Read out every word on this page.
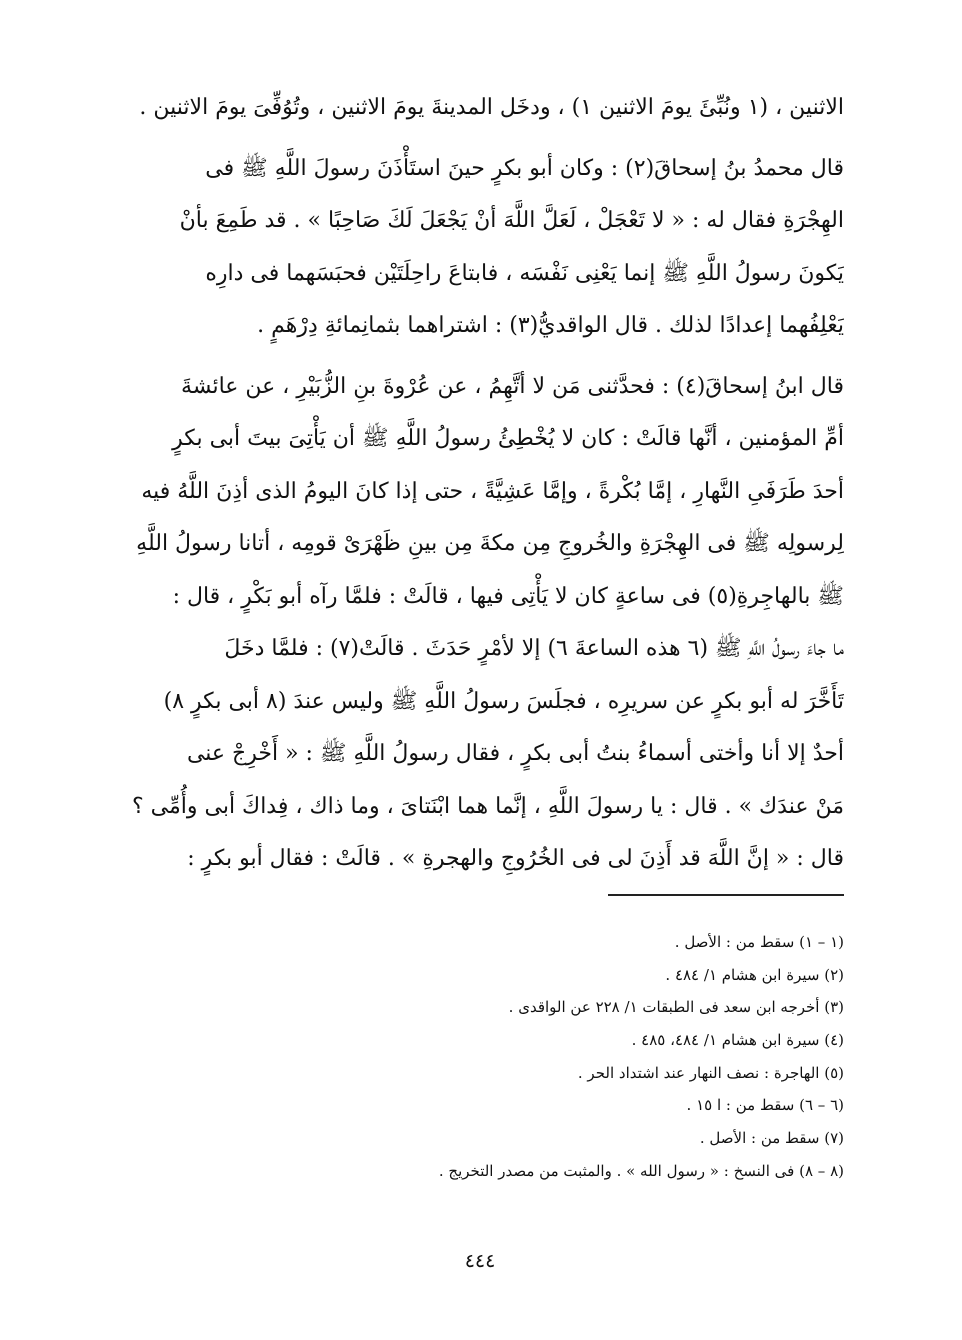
الاثنين ، (١ ونُبِّئَ يومَ الاثنين ١) ، ودخَل المدينةَ يومَ الاثنين ، وتُوُفِّىَ يومَ الاثنين .
قال محمدُ بنُ إسحاقَ(٢) : وكان أبو بكرٍ حينَ استَأْذَنَ رسولَ اللَّهِ ﷺ فى
الهِجْرَةِ فقال له : « لا تَعْجَلْ ، لَعَلَّ اللَّهَ أنْ يَجْعَلَ لَكَ صَاحِبًا » . قد طَمِعَ بأنْ
يَكونَ رسولُ اللَّهِ ﷺ إنما يَعْنِى نَفْسَه ، فابتاعَ راحِلَتَيْن فحبَسَهما فى دارِه
يَعْلِفُهما إعدادًا لذلك . قال الواقديُّ(٣) : اشتراهما بثمانِمائةِ دِرْهَمٍ .
قال ابنُ إسحاقَ(٤) : فحدَّثنى مَن لا أتَّهِمُ ، عن عُرْوةَ بنِ الزُّبَيْرِ ، عن عائشةَ
أمِّ المؤمنين ، أنَّها قالَتْ : كان لا يُخْطِئُ رسولُ اللَّهِ ﷺ أن يَأْتِىَ بيتَ أبى بكرٍ
أحدَ طَرَفَىِ النَّهارِ ، إمَّا بُكْرةً ، وإمَّا عَشِيَّةً ، حتى إذا كانَ اليومُ الذى أذِنَ اللَّهُ فيه
لِرسولِه ﷺ فى الهِجْرَةِ والخُروجِ مِن مكةَ مِن بينِ ظَهْرَىْ قومِه ، أتانا رسولُ اللَّهِ
ﷺ بالهاجِرةِ(٥) فى ساعةٍ كان لا يَأْتِى فيها ، قالَتْ : فلمَّا رآه أبو بَكْرٍ ، قال :
ما جاءَ رسولُ اللَّهِ ﷺ (٦ هذه الساعةَ ٦) إلا لأمْرٍ حَدَثَ . قالَتْ(٧) : فلمَّا دخَلَ
تَأَخَّرَ له أبو بكرٍ عن سريرِه ، فجلَسَ رسولُ اللَّهِ ﷺ وليس عندَ (٨ أبى بكرٍ ٨)
أحدٌ إلا أنا وأختى أسماءُ بنتُ أبى بكرٍ ، فقال رسولُ اللَّهِ ﷺ : « أَخْرِجْ عنى
مَنْ عندَك » . قال : يا رسولَ اللَّهِ ، إنَّما هما ابْنَتاىَ ، وما ذاك ، فِداكَ أبى وأُمِّى ؟
قال : « إنَّ اللَّهَ قد أَذِنَ لى فى الخُرُوجِ والهجرةِ » . قالَتْ : فقال أبو بكرٍ :
(١ – ١) سقط من : الأصل .
(٢) سيرة ابن هشام ١/ ٤٨٤ .
(٣) أخرجه ابن سعد فى الطبقات ١/ ٢٢٨ عن الواقدى .
(٤) سيرة ابن هشام ١/ ٤٨٤، ٤٨٥ .
(٥) الهاجرة : نصف النهار عند اشتداد الحر .
(٦ – ٦) سقط من : ا ١٥ .
(٧) سقط من : الأصل .
(٨ – ٨) فى النسخ : « رسول الله » . والمثبت من مصدر التخريج .
٤٤٤
